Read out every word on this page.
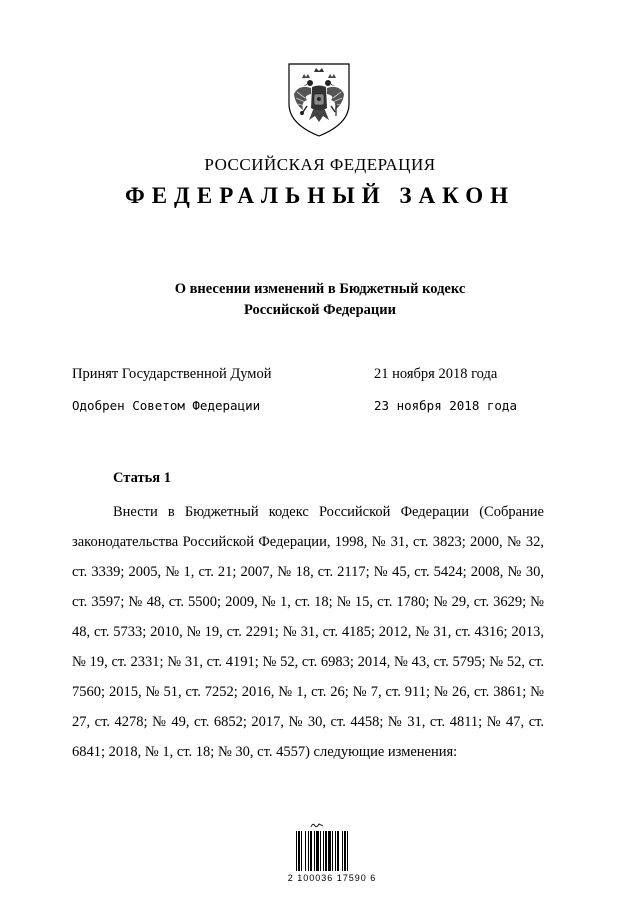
РОССИЙСКАЯ ФЕДЕРАЦИЯ
ФЕДЕРАЛЬНЫЙ ЗАКОН
О внесении изменений в Бюджетный кодекс
Российской Федерации
Принят Государственной Думой	21 ноября 2018 года
Одобрен Советом Федерации	23 ноября 2018 года
Статья 1

Внести в Бюджетный кодекс Российской Федерации (Собрание законодательства Российской Федерации, 1998, № 31, ст. 3823; 2000, № 32, ст. 3339; 2005, № 1, ст. 21; 2007, № 18, ст. 2117; № 45, ст. 5424; 2008, № 30, ст. 3597; № 48, ст. 5500; 2009, № 1, ст. 18; № 15, ст. 1780; № 29, ст. 3629; № 48, ст. 5733; 2010, № 19, ст. 2291; № 31, ст. 4185; 2012, № 31, ст. 4316; 2013, № 19, ст. 2331; № 31, ст. 4191; № 52, ст. 6983; 2014, № 43, ст. 5795; № 52, ст. 7560; 2015, № 51, ст. 7252; 2016, № 1, ст. 26; № 7, ст. 911; № 26, ст. 3861; № 27, ст. 4278; № 49, ст. 6852; 2017, № 30, ст. 4458; № 31, ст. 4811; № 47, ст. 6841; 2018, № 1, ст. 18; № 30, ст. 4557) следующие изменения:

2 100036 17590 6
